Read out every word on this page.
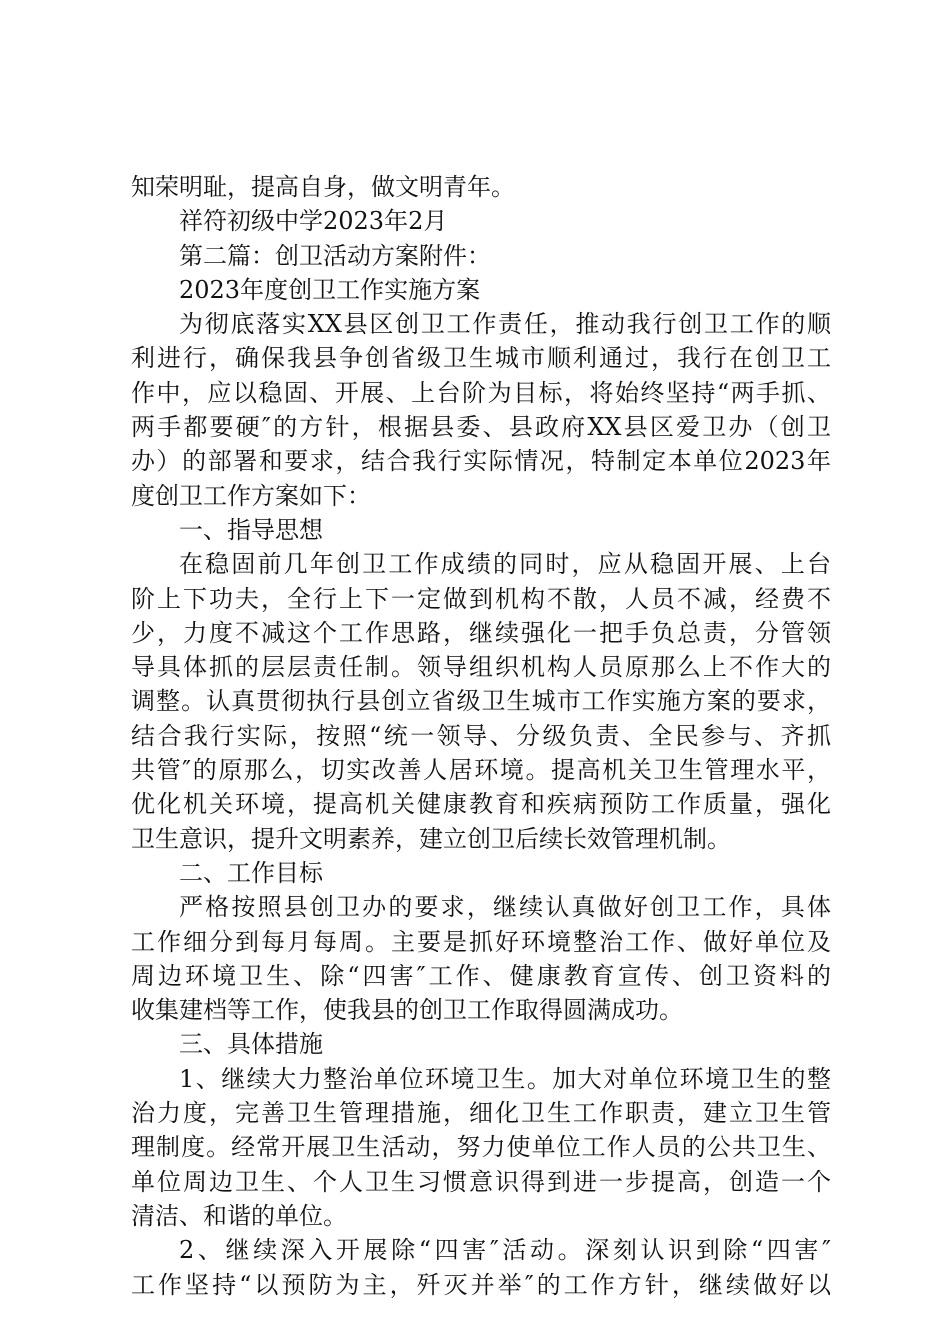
知荣明耻，提高自身，做文明青年。
祥符初级中学2023年2月
第二篇：创卫活动方案附件：
2023年度创卫工作实施方案
为彻底落实XX县区创卫工作责任，推动我行创卫工作的顺
利进行，确保我县争创省级卫生城市顺利通过，我行在创卫工
作中，应以稳固、开展、上台阶为目标，将始终坚持“两手抓、
两手都要硬″的方针，根据县委、县政府XX县区爱卫办（创卫
办）的部署和要求，结合我行实际情况，特制定本单位2023年
度创卫工作方案如下：
一、指导思想
在稳固前几年创卫工作成绩的同时，应从稳固开展、上台
阶上下功夫，全行上下一定做到机构不散，人员不减，经费不
少，力度不减这个工作思路，继续强化一把手负总责，分管领
导具体抓的层层责任制。领导组织机构人员原那么上不作大的
调整。认真贯彻执行县创立省级卫生城市工作实施方案的要求，
结合我行实际，按照“统一领导、分级负责、全民参与、齐抓
共管″的原那么，切实改善人居环境。提高机关卫生管理水平，
优化机关环境，提高机关健康教育和疾病预防工作质量，强化
卫生意识，提升文明素养，建立创卫后续长效管理机制。
二、工作目标
严格按照县创卫办的要求，继续认真做好创卫工作，具体
工作细分到每月每周。主要是抓好环境整治工作、做好单位及
周边环境卫生、除“四害″工作、健康教育宣传、创卫资料的
收集建档等工作，使我县的创卫工作取得圆满成功。
三、具体措施
1、继续大力整治单位环境卫生。加大对单位环境卫生的整
治力度，完善卫生管理措施，细化卫生工作职责，建立卫生管
理制度。经常开展卫生活动，努力使单位工作人员的公共卫生、
单位周边卫生、个人卫生习惯意识得到进一步提高，创造一个
清洁、和谐的单位。
2、继续深入开展除“四害″活动。深刻认识到除“四害″
工作坚持“以预防为主，歼灭并举″的工作方针，继续做好以
